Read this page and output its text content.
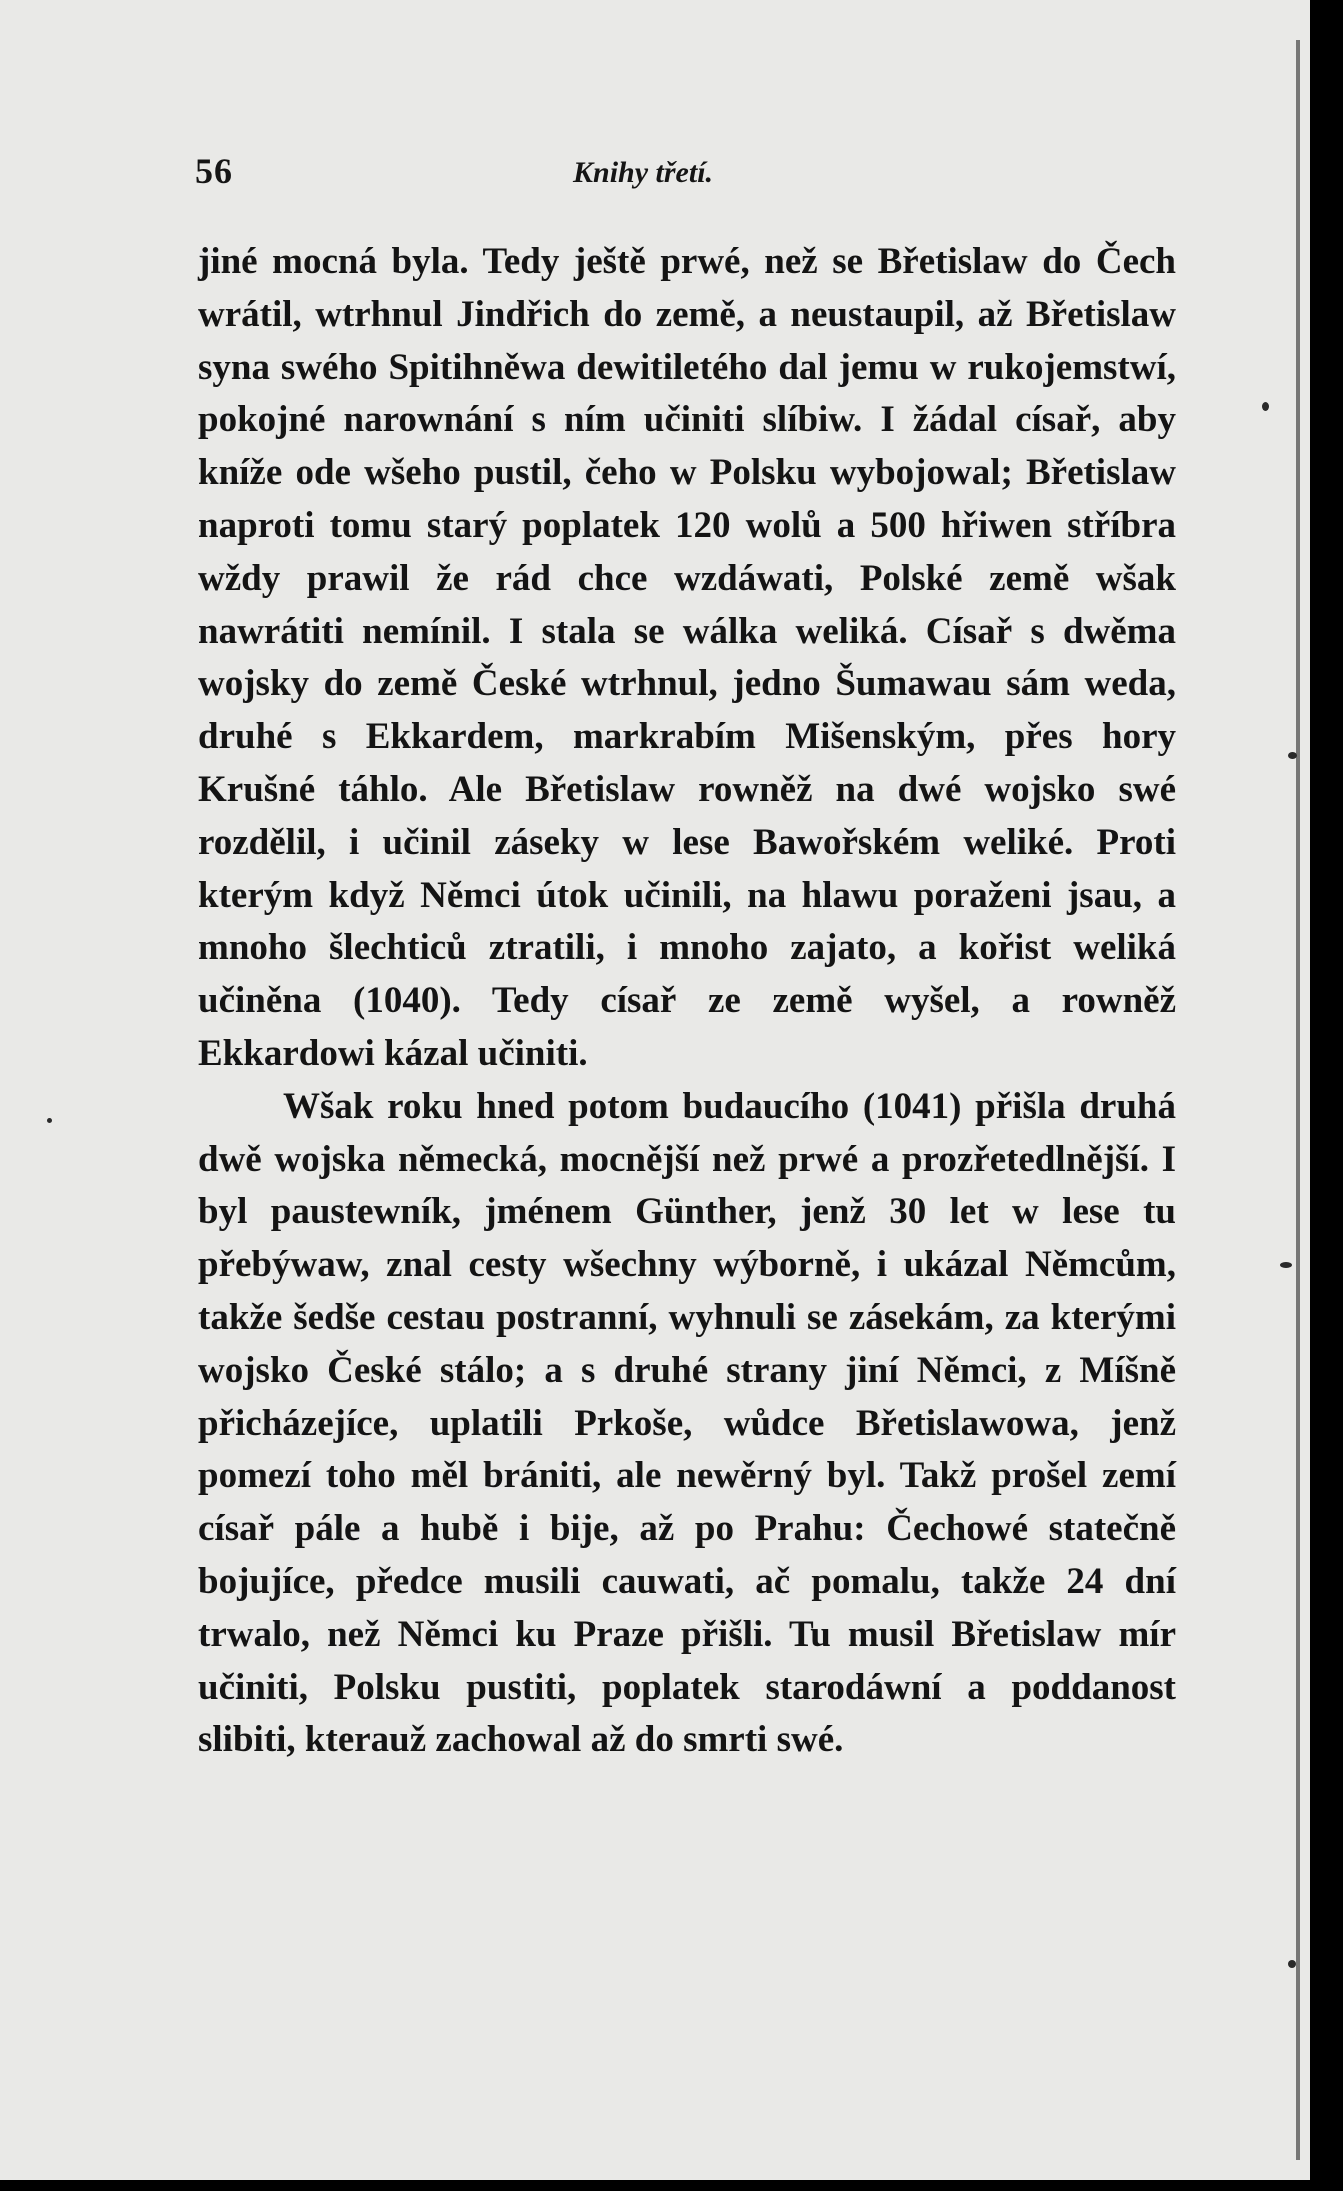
56	Knihy třetí.

jiné mocná byla. Tedy ještě prwé, než se Břetislaw do Čech wrátil, wtrhnul Jindřich do země, a neustaupil, až Břetislaw syna swého Spitihněwa dewitiletého dal jemu w rukojemstwí, pokojné narownání s ním učiniti slíbiw. I žádal císař, aby kníže ode wšeho pustil, čeho w Polsku wybojowal; Břetislaw naproti tomu starý poplatek 120 wolů a 500 hřiwen stříbra wždy prawil že rád chce wzdáwati, Polské země wšak nawrátiti nemínil. I stala se wálka weliká. Císař s dwěma wojsky do země České wtrhnul, jedno Šumawau sám weda, druhé s Ekkardem, markrabím Mišenským, přes hory Krušné táhlo. Ale Břetislaw rowněž na dwé wojsko swé rozdělil, i učinil záseky w lese Bawořském weliké. Proti kterým když Němci útok učinili, na hlawu poraženi jsau, a mnoho šlechticů ztratili, i mnoho zajato, a kořist weliká učiněna (1040). Tedy císař ze země wyšel, a rowněž Ekkardowi kázal učiniti.

Wšak roku hned potom budaucího (1041) přišla druhá dwě wojska německá, mocnější než prwé a prozřetedlnější. I byl paustewník, jménem Günther, jenž 30 let w lese tu přebýwaw, znal cesty wšechny wýborně, i ukázal Němcům, takže šedše cestau postranní, wyhnuli se zásekám, za kterými wojsko České stálo; a s druhé strany jiní Němci, z Míšně přicházejíce, uplatili Prkoše, wůdce Břetislawowa, jenž pomezí toho měl brániti, ale newěrný byl. Takž prošel zemí císař pále a hubě i bije, až po Prahu: Čechowé statečně bojujíce, předce musili cauwati, ač pomalu, takže 24 dní trwalo, než Němci ku Praze přišli. Tu musil Břetislaw mír učiniti, Polsku pustiti, poplatek starodáwní a poddanost slibiti, kterauž zachowal až do smrti swé.
